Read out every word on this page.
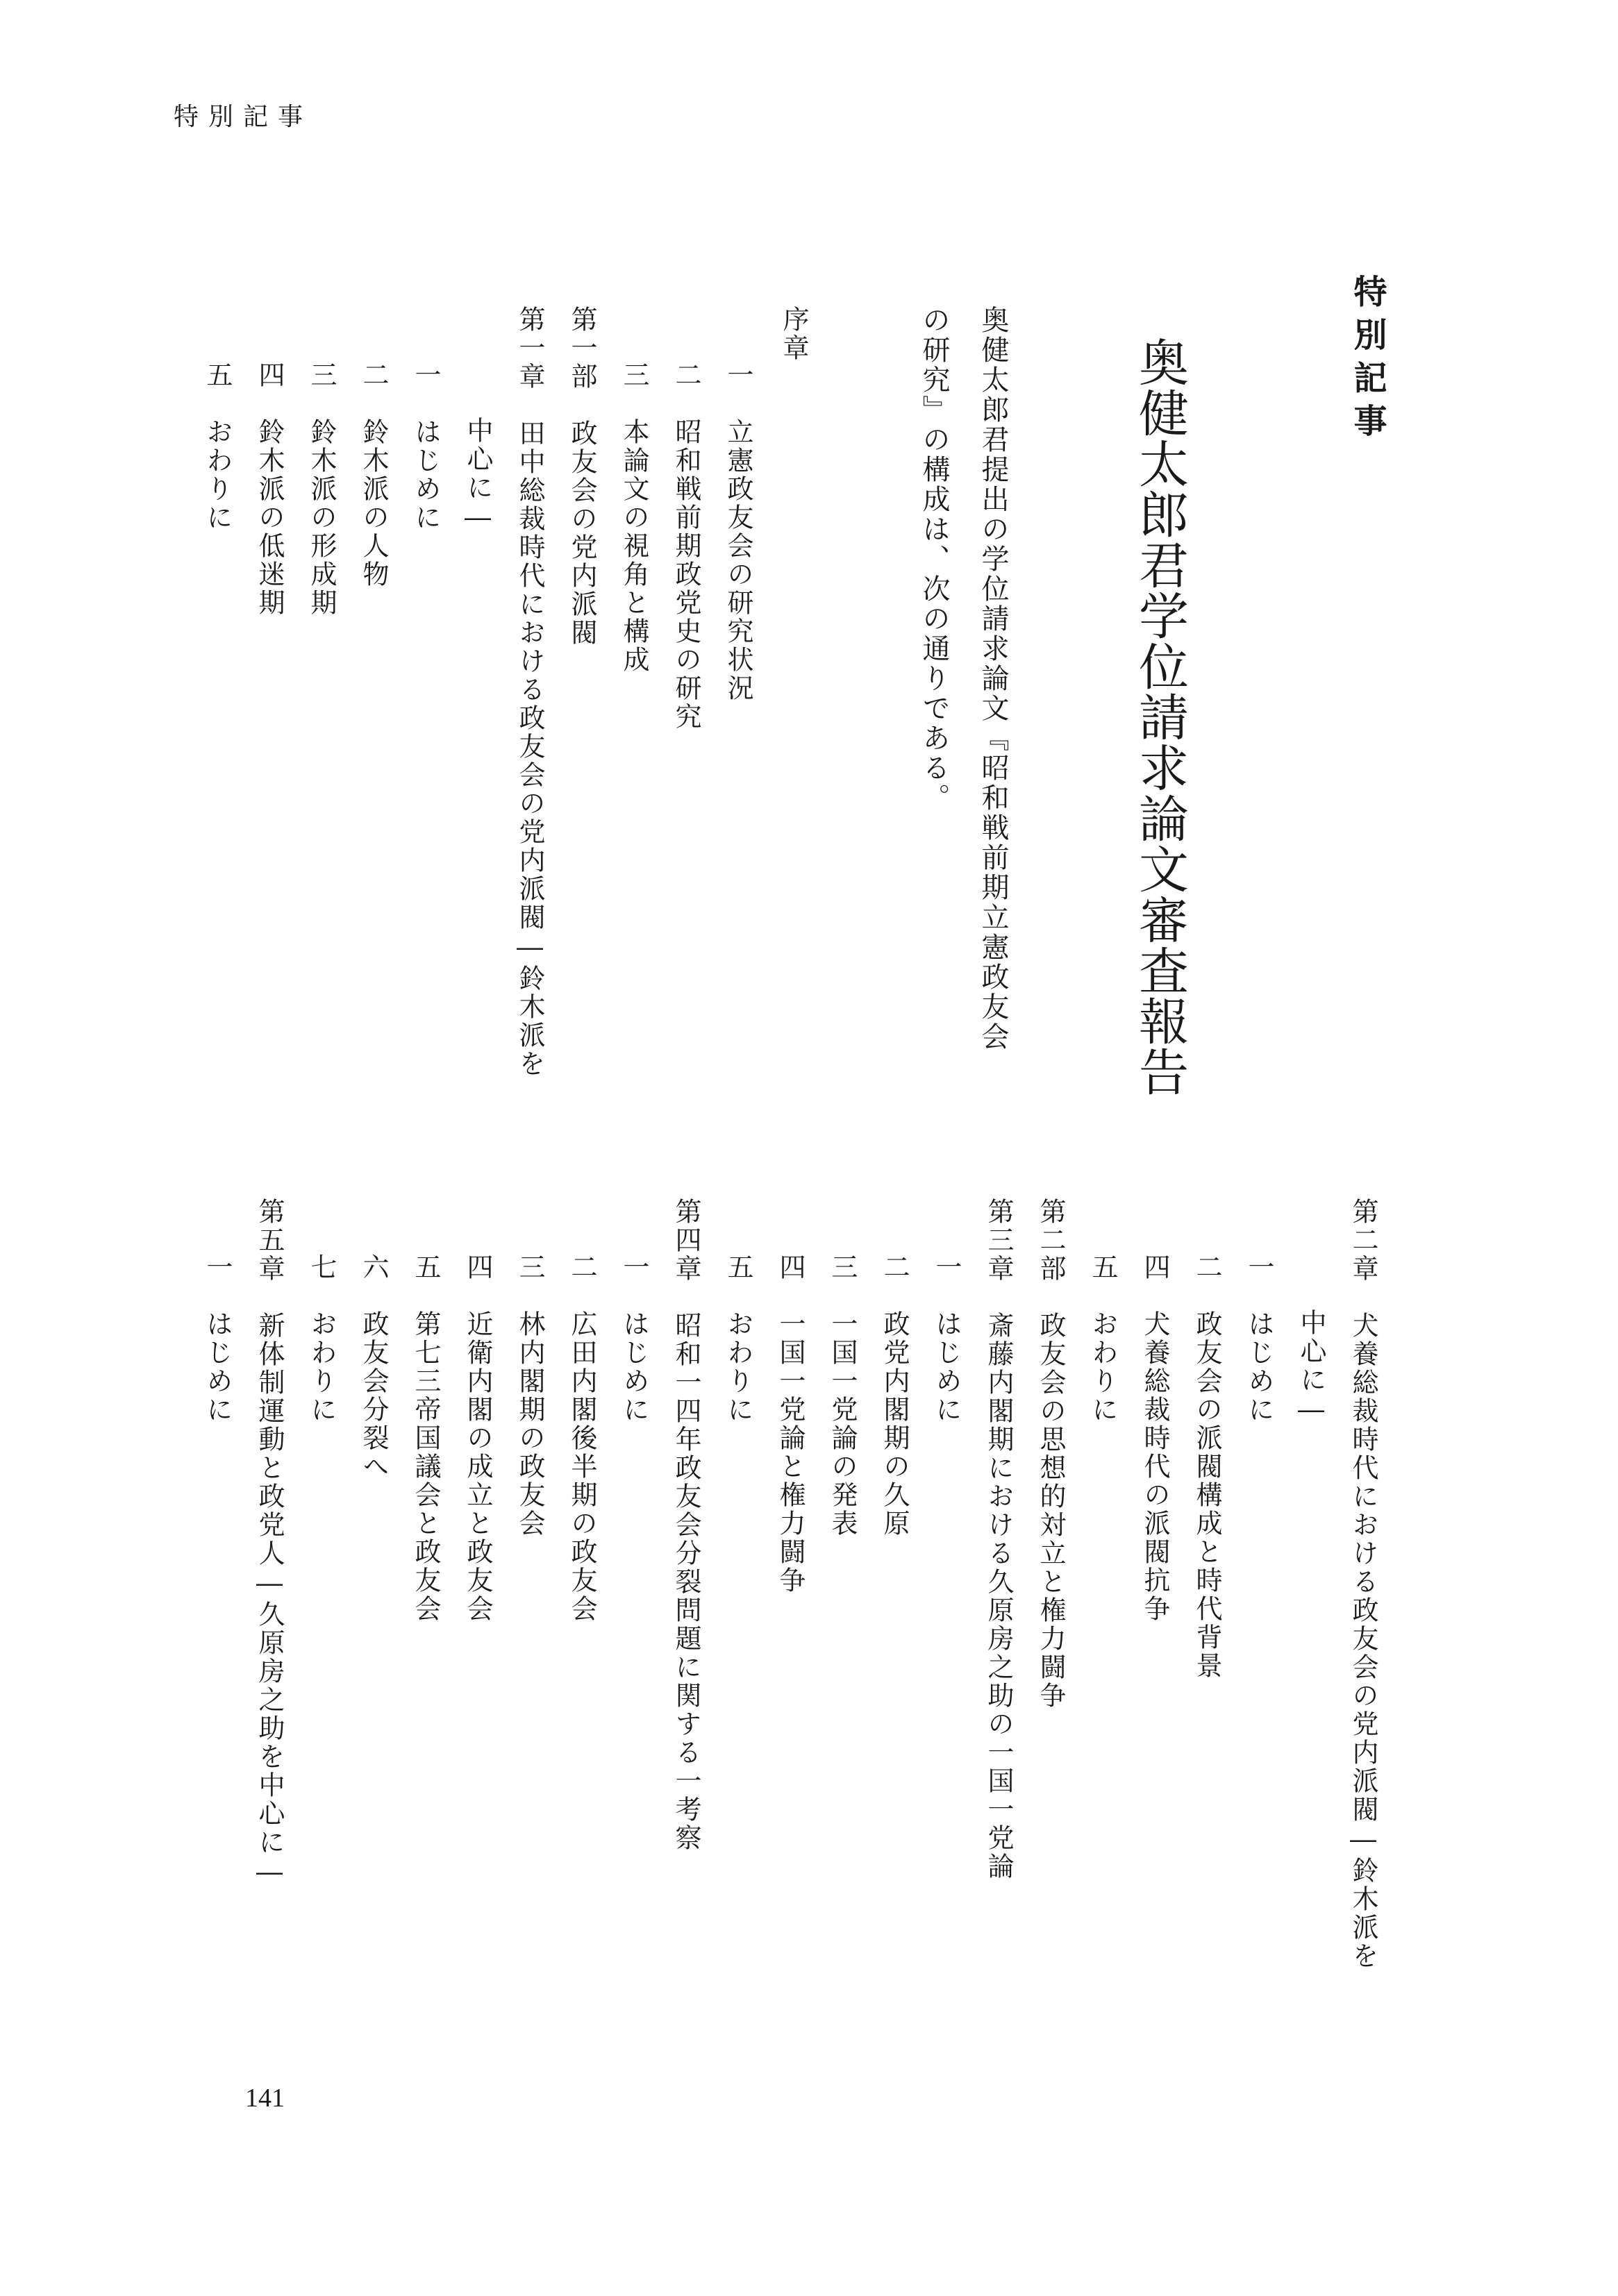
特別記事
特別記事
奥健太郎君学位請求論文審査報告
奥健太郎君提出の学位請求論文『昭和戦前期立憲政友会
の研究』の構成は、次の通りである。
序章
一　立憲政友会の研究状況
二　昭和戦前期政党史の研究
三　本論文の視角と構成
第一部　政友会の党内派閥
第一章　田中総裁時代における政友会の党内派閥―鈴木派を
中心に―
一　はじめに
二　鈴木派の人物
三　鈴木派の形成期
四　鈴木派の低迷期
五　おわりに
第二章　犬養総裁時代における政友会の党内派閥―鈴木派を
中心に―
一　はじめに
二　政友会の派閥構成と時代背景
四　犬養総裁時代の派閥抗争
五　おわりに
第二部　政友会の思想的対立と権力闘争
第三章　斎藤内閣期における久原房之助の一国一党論
一　はじめに
二　政党内閣期の久原
三　一国一党論の発表
四　一国一党論と権力闘争
五　おわりに
第四章　昭和一四年政友会分裂問題に関する一考察
一　はじめに
二　広田内閣後半期の政友会
三　林内閣期の政友会
四　近衛内閣の成立と政友会
五　第七三帝国議会と政友会
六　政友会分裂へ
七　おわりに
第五章　新体制運動と政党人―久原房之助を中心に―
一　はじめに
141
